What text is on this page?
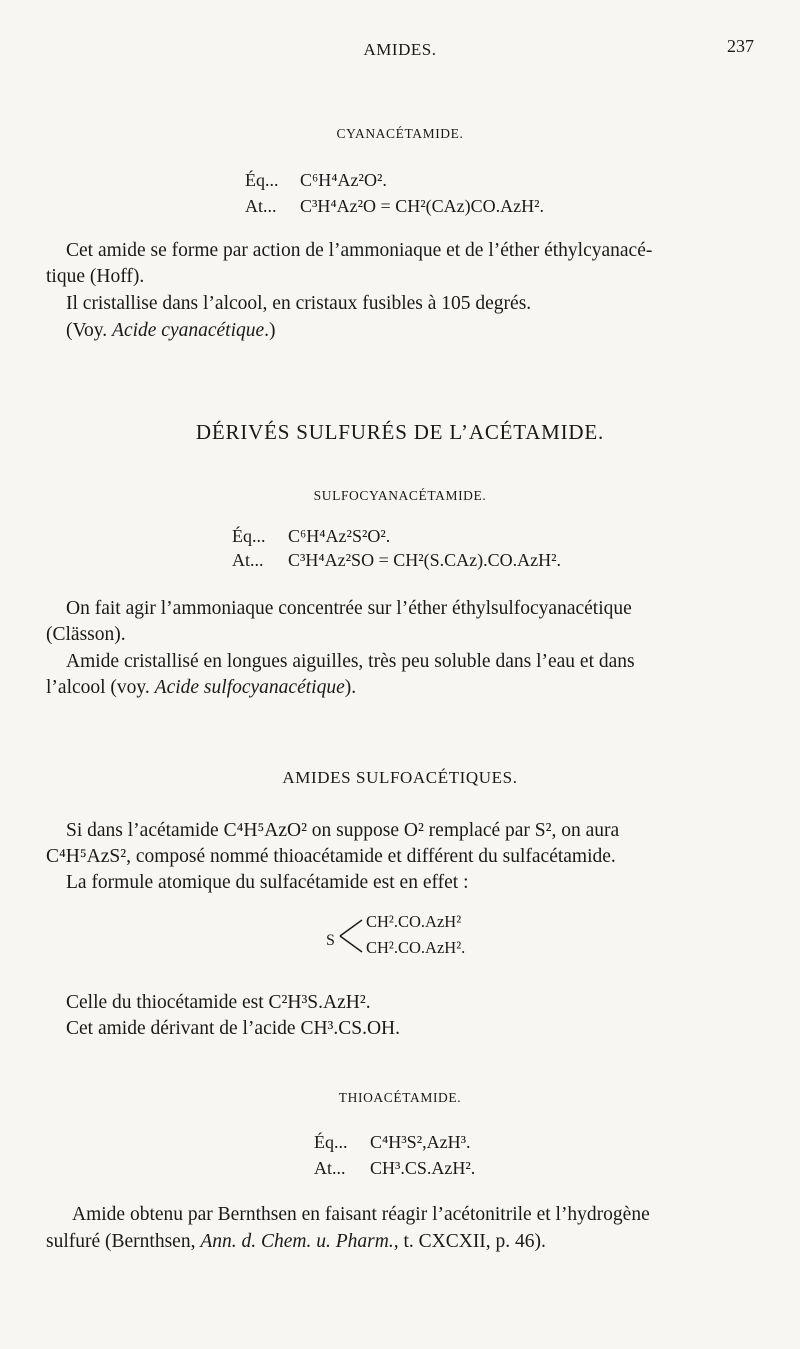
AMIDES.	237
CYANACÉTAMIDE.
Éq... C⁶H⁴Az²O².
At... C³H⁴Az²O = CH²(CAz)CO.AzH².
Cet amide se forme par action de l’ammoniaque et de l’éther éthylcyanacé-
tique (Hoff).
Il cristallise dans l’alcool, en cristaux fusibles à 105 degrés.
(Voy. Acide cyanacétique.)
DÉRIVÉS SULFURÉS DE L’ACÉTAMIDE.
SULFOCYANACÉTAMIDE.
Éq... C⁶H⁴Az²S²O².
At... C³H⁴Az²SO = CH²(S.CAz).CO.AzH².
On fait agir l’ammoniaque concentrée sur l’éther éthylsulfocyanacétique
(Clässon).
Amide cristallisé en longues aiguilles, très peu soluble dans l’eau et dans
l’alcool (voy. Acide sulfocyanacétique).
AMIDES SULFOACÉTIQUES.
Si dans l’acétamide C⁴H⁵AzO² on suppose O² remplacé par S², on aura
C⁴H⁵AzS², composé nommé thioacétamide et différent du sulfacétamide.
La formule atomique du sulfacétamide est en effet :
S
CH².CO.AzH²
CH².CO.AzH².
Celle du thiocétamide est C²H³S.AzH².
Cet amide dérivant de l’acide CH³.CS.OH.
THIOACÉTAMIDE.
Éq... C⁴H³S²,AzH³.
At... CH³.CS.AzH².
Amide obtenu par Bernthsen en faisant réagir l’acétonitrile et l’hydrogène
sulfuré (Bernthsen, Ann. d. Chem. u. Pharm., t. CXCXII, p. 46).
